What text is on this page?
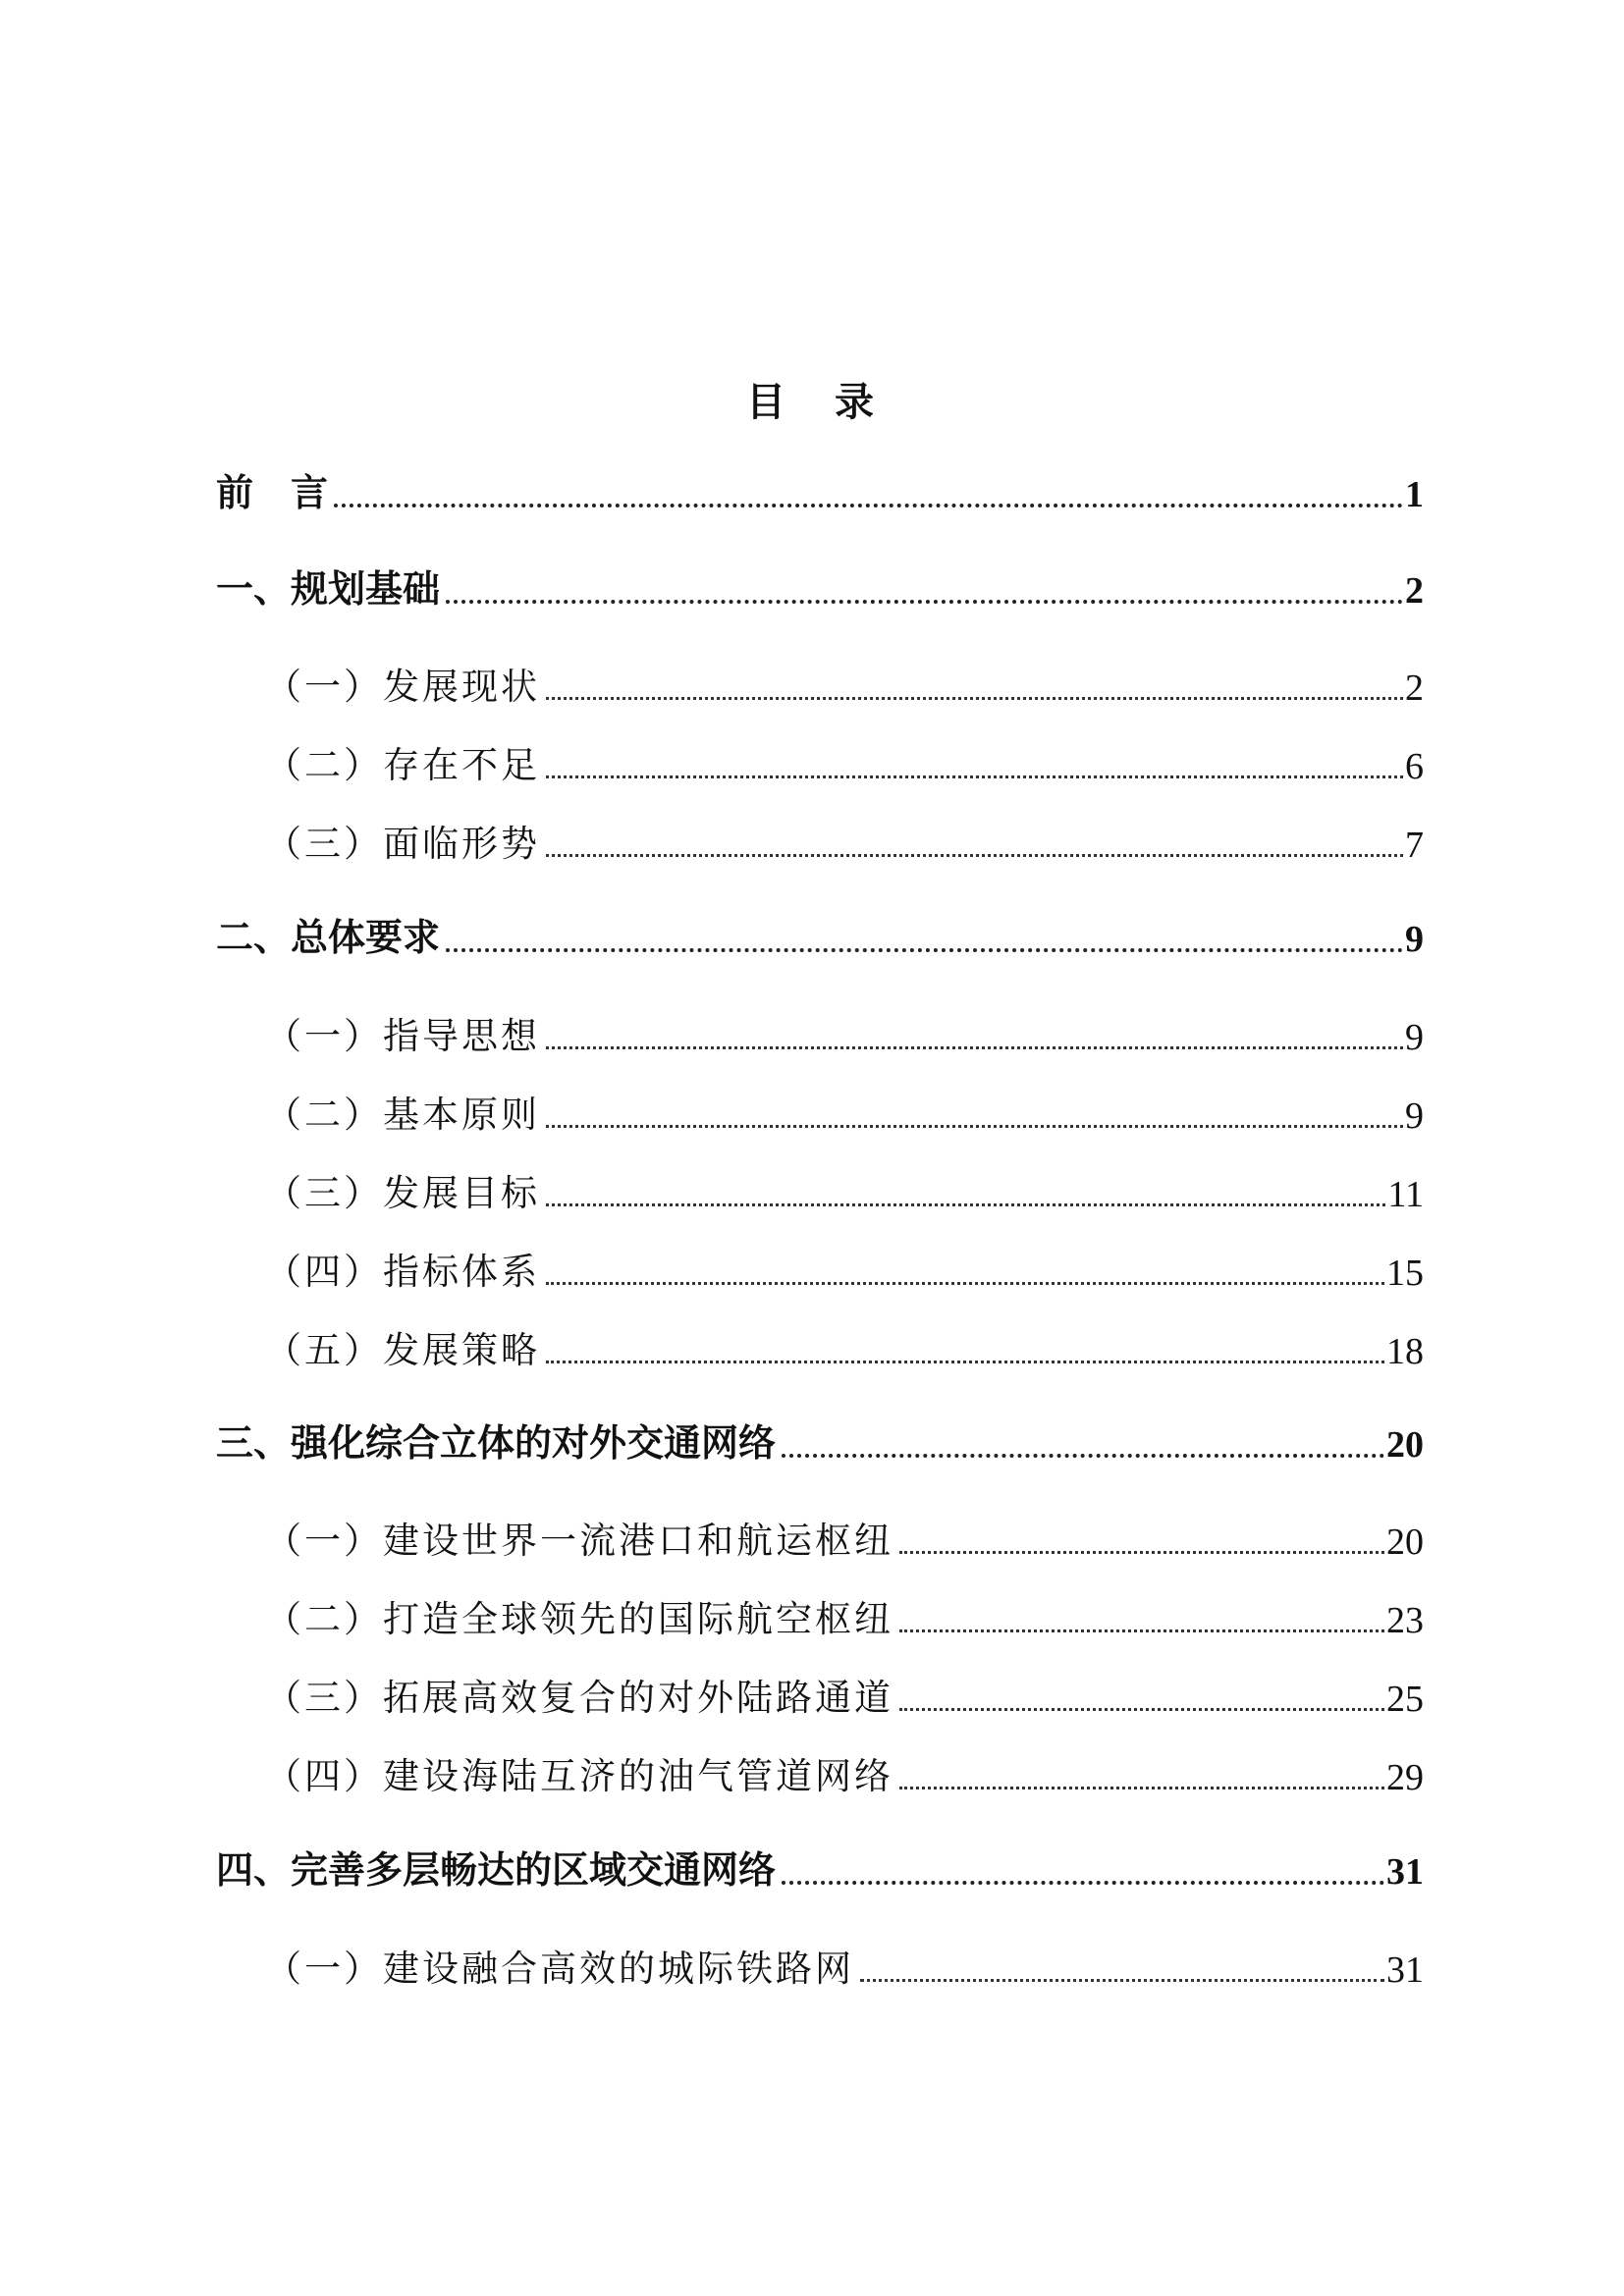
目 录
前　言	1
一、规划基础	2
（一）发展现状	2
（二）存在不足	6
（三）面临形势	7
二、总体要求	9
（一）指导思想	9
（二）基本原则	9
（三）发展目标	11
（四）指标体系	15
（五）发展策略	18
三、强化综合立体的对外交通网络	20
（一）建设世界一流港口和航运枢纽	20
（二）打造全球领先的国际航空枢纽	23
（三）拓展高效复合的对外陆路通道	25
（四）建设海陆互济的油气管道网络	29
四、完善多层畅达的区域交通网络	31
（一）建设融合高效的城际铁路网	31
